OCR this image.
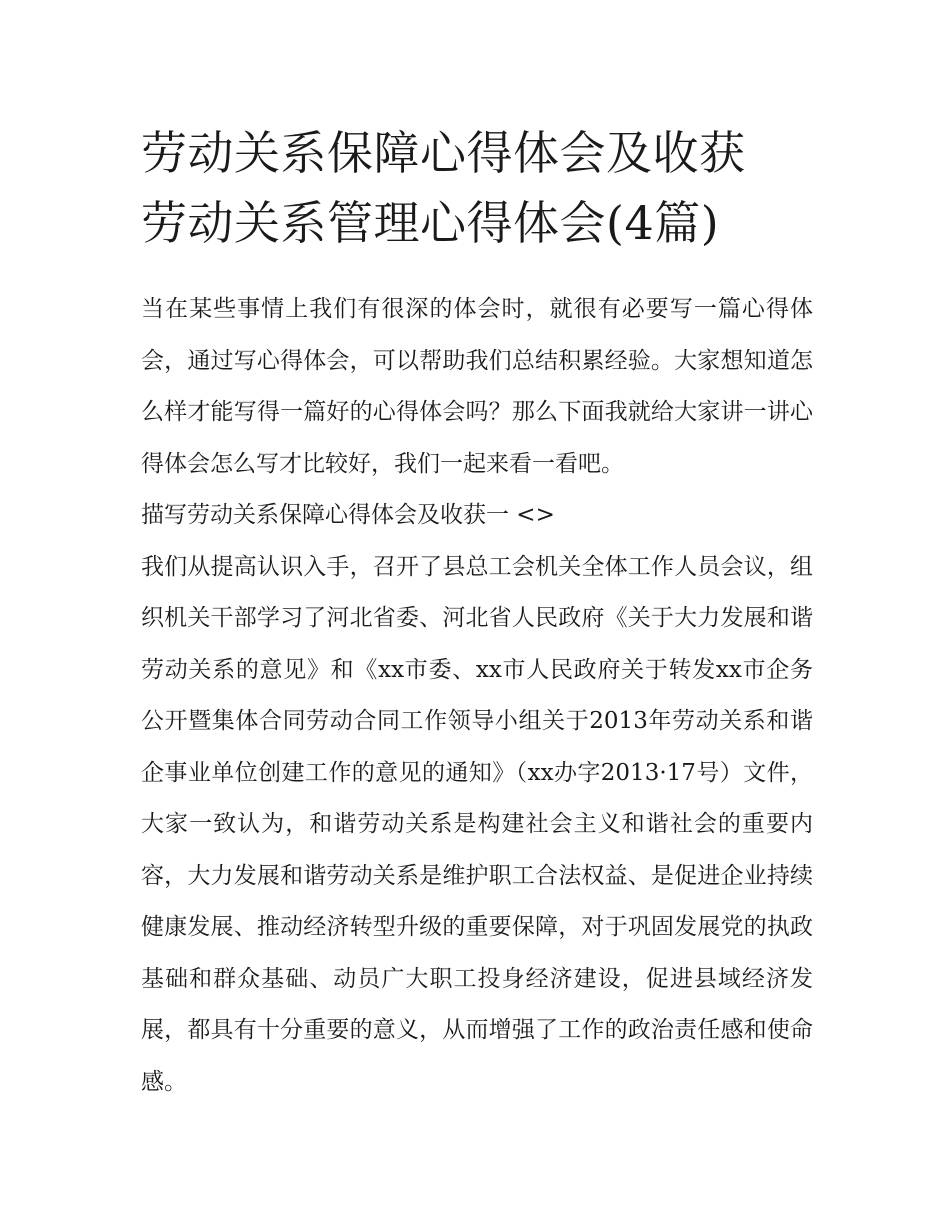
劳动关系保障心得体会及收获
劳动关系管理心得体会(4篇)

当在某些事情上我们有很深的体会时，就很有必要写一篇心得体会，通过写心得体会，可以帮助我们总结积累经验。大家想知道怎么样才能写得一篇好的心得体会吗？那么下面我就给大家讲一讲心得体会怎么写才比较好，我们一起来看一看吧。

描写劳动关系保障心得体会及收获一 <>

我们从提高认识入手，召开了县总工会机关全体工作人员会议，组织机关干部学习了河北省委、河北省人民政府《关于大力发展和谐劳动关系的意见》和《xx市委、xx市人民政府关于转发xx市企务公开暨集体合同劳动合同工作领导小组关于2013年劳动关系和谐企事业单位创建工作的意见的通知》（xx办字2013·17号）文件，大家一致认为，和谐劳动关系是构建社会主义和谐社会的重要内容，大力发展和谐劳动关系是维护职工合法权益、是促进企业持续健康发展、推动经济转型升级的重要保障，对于巩固发展党的执政基础和群众基础、动员广大职工投身经济建设，促进县域经济发展，都具有十分重要的意义，从而增强了工作的政治责任感和使命感。
